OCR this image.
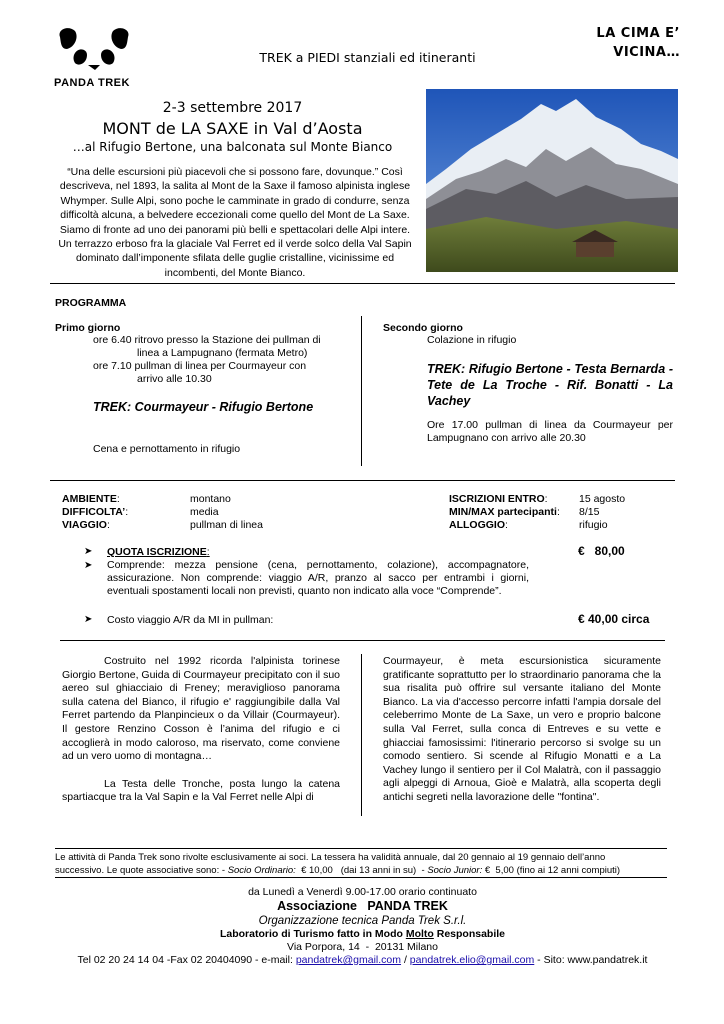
PANDA TREK
TREK a PIEDI stanziali ed itineranti
LA CIMA E’
VICINA…
2-3 settembre 2017
MONT de LA SAXE in Val d’Aosta
…al Rifugio Bertone, una balconata sul Monte Bianco
“Una delle escursioni più piacevoli che si possono fare, dovunque.” Così descriveva, nel 1893, la salita al Mont de la Saxe il famoso alpinista inglese Whymper. Sulle Alpi, sono poche le camminate in grado di condurre, senza difficoltà alcuna, a belvedere eccezionali come quello del Mont de La Saxe. Siamo di fronte ad uno dei panorami più belli e spettacolari delle Alpi intere. Un terrazzo erboso fra la glaciale Val Ferret ed il verde solco della Val Sapin dominato dall’imponente sfilata delle guglie cristalline, vicinissime ed incombenti, del Monte Bianco.
PROGRAMMA
Primo giorno
ore 6.40 ritrovo presso la Stazione dei pullman di
linea a Lampugnano (fermata Metro)
ore 7.10 pullman di linea per Courmayeur con
arrivo alle 10.30
TREK: Courmayeur - Rifugio Bertone
Cena e pernottamento in rifugio
Secondo giorno
Colazione in rifugio
TREK: Rifugio Bertone - Testa Bernarda - Tete de La Troche - Rif. Bonatti - La Vachey
Ore 17.00 pullman di linea da Courmayeur per Lampugnano con arrivo alle 20.30
AMBIENTE:	montano
DIFFICOLTA’:	media
VIAGGIO:	pullman di linea
ISCRIZIONI ENTRO:	15 agosto
MIN/MAX partecipanti: 8/15
ALLOGGIO:	rifugio
➤ QUOTA ISCRIZIONE:	€   80,00
➤ Comprende: mezza pensione (cena, pernottamento, colazione), accompagnatore, assicurazione. Non comprende: viaggio A/R, pranzo al sacco per entrambi i giorni, eventuali spostamenti locali non previsti, quanto non indicato alla voce “Comprende”.
➤ Costo viaggio A/R da MI in pullman:	€ 40,00 circa
Costruito nel 1992 ricorda l'alpinista torinese Giorgio Bertone, Guida di Courmayeur precipitato con il suo aereo sul ghiacciaio di Freney; meraviglioso panorama sulla catena del Bianco, il rifugio e' raggiungibile dalla Val Ferret partendo da Planpincieux o da Villair (Courmayeur). Il gestore Renzino Cosson è l’anima del rifugio e ci accoglierà in modo caloroso, ma riservato, come conviene ad un vero uomo di montagna…
La Testa delle Tronche, posta lungo la catena spartiacque tra la Val Sapin e la Val Ferret nelle Alpi di
Courmayeur, è meta escursionistica sicuramente gratificante soprattutto per lo straordinario panorama che la sua risalita può offrire sul versante italiano del Monte Bianco. La via d'accesso percorre infatti l'ampia dorsale del celeberrimo Monte de La Saxe, un vero e proprio balcone sulla Val Ferret, sulla conca di Entreves e su vette e ghiacciai famosissimi: l'itinerario percorso si svolge su un comodo sentiero. Si scende al Rifugio Monatti e a La Vachey lungo il sentiero per il Col Malatrà, con il passaggio agli alpeggi di Arnoua, Gioè e Malatrà, alla scoperta degli antichi segreti nella lavorazione delle "fontina".
Le attività di Panda Trek sono rivolte esclusivamente ai soci. La tessera ha validità annuale, dal 20 gennaio al 19 gennaio dell’anno
successivo. Le quote associative sono: - Socio Ordinario:  € 10,00   (dai 13 anni in su)  - Socio Junior: €  5,00 (fino ai 12 anni compiuti)
da Lunedì a Venerdì 9.00-17.00 orario continuato
Associazione   PANDA TREK
Organizzazione tecnica Panda Trek S.r.l.
Laboratorio di Turismo fatto in Modo Molto Responsabile
Via Porpora, 14  -  20131 Milano
Tel 02 20 24 14 04 -Fax 02 20404090 - e-mail: pandatrek@gmail.com / pandatrek.elio@gmail.com - Sito: www.pandatrek.it
